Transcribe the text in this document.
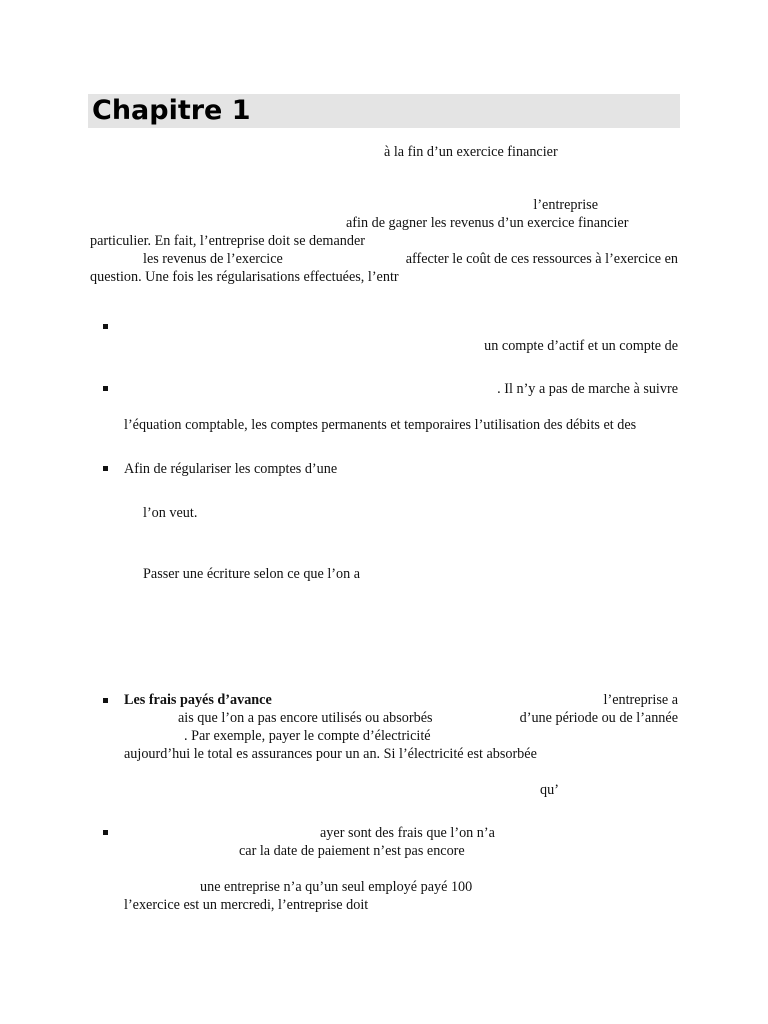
Chapitre 1
à la fin d’un exercice financier
l’entreprise
afin de gagner les revenus d’un exercice financier
particulier. En fait, l’entreprise doit se demander
les revenus de l’exercice	affecter le coût de ces ressources à l’exercice en
question. Une fois les régularisations effectuées, l’entr
un compte d’actif et un compte de
. Il n’y a pas de marche à suivre
l’équation comptable, les comptes permanents et temporaires l’utilisation des débits et des
Afin de régulariser les comptes d’une
l’on veut.
Passer une écriture selon ce que l’on a
Les frais payés d’avance	l’entreprise a
ais que l’on a pas encore utilisés ou absorbés	d’une période ou de l’année
. Par exemple, payer le compte d’électricité
aujourd’hui le total es assurances pour un an. Si l’électricité est absorbée
qu’
ayer sont des frais que l’on n’a
car la date de paiement n’est pas encore
une entreprise n’a qu’un seul employé payé 100
l’exercice est un mercredi, l’entreprise doit
